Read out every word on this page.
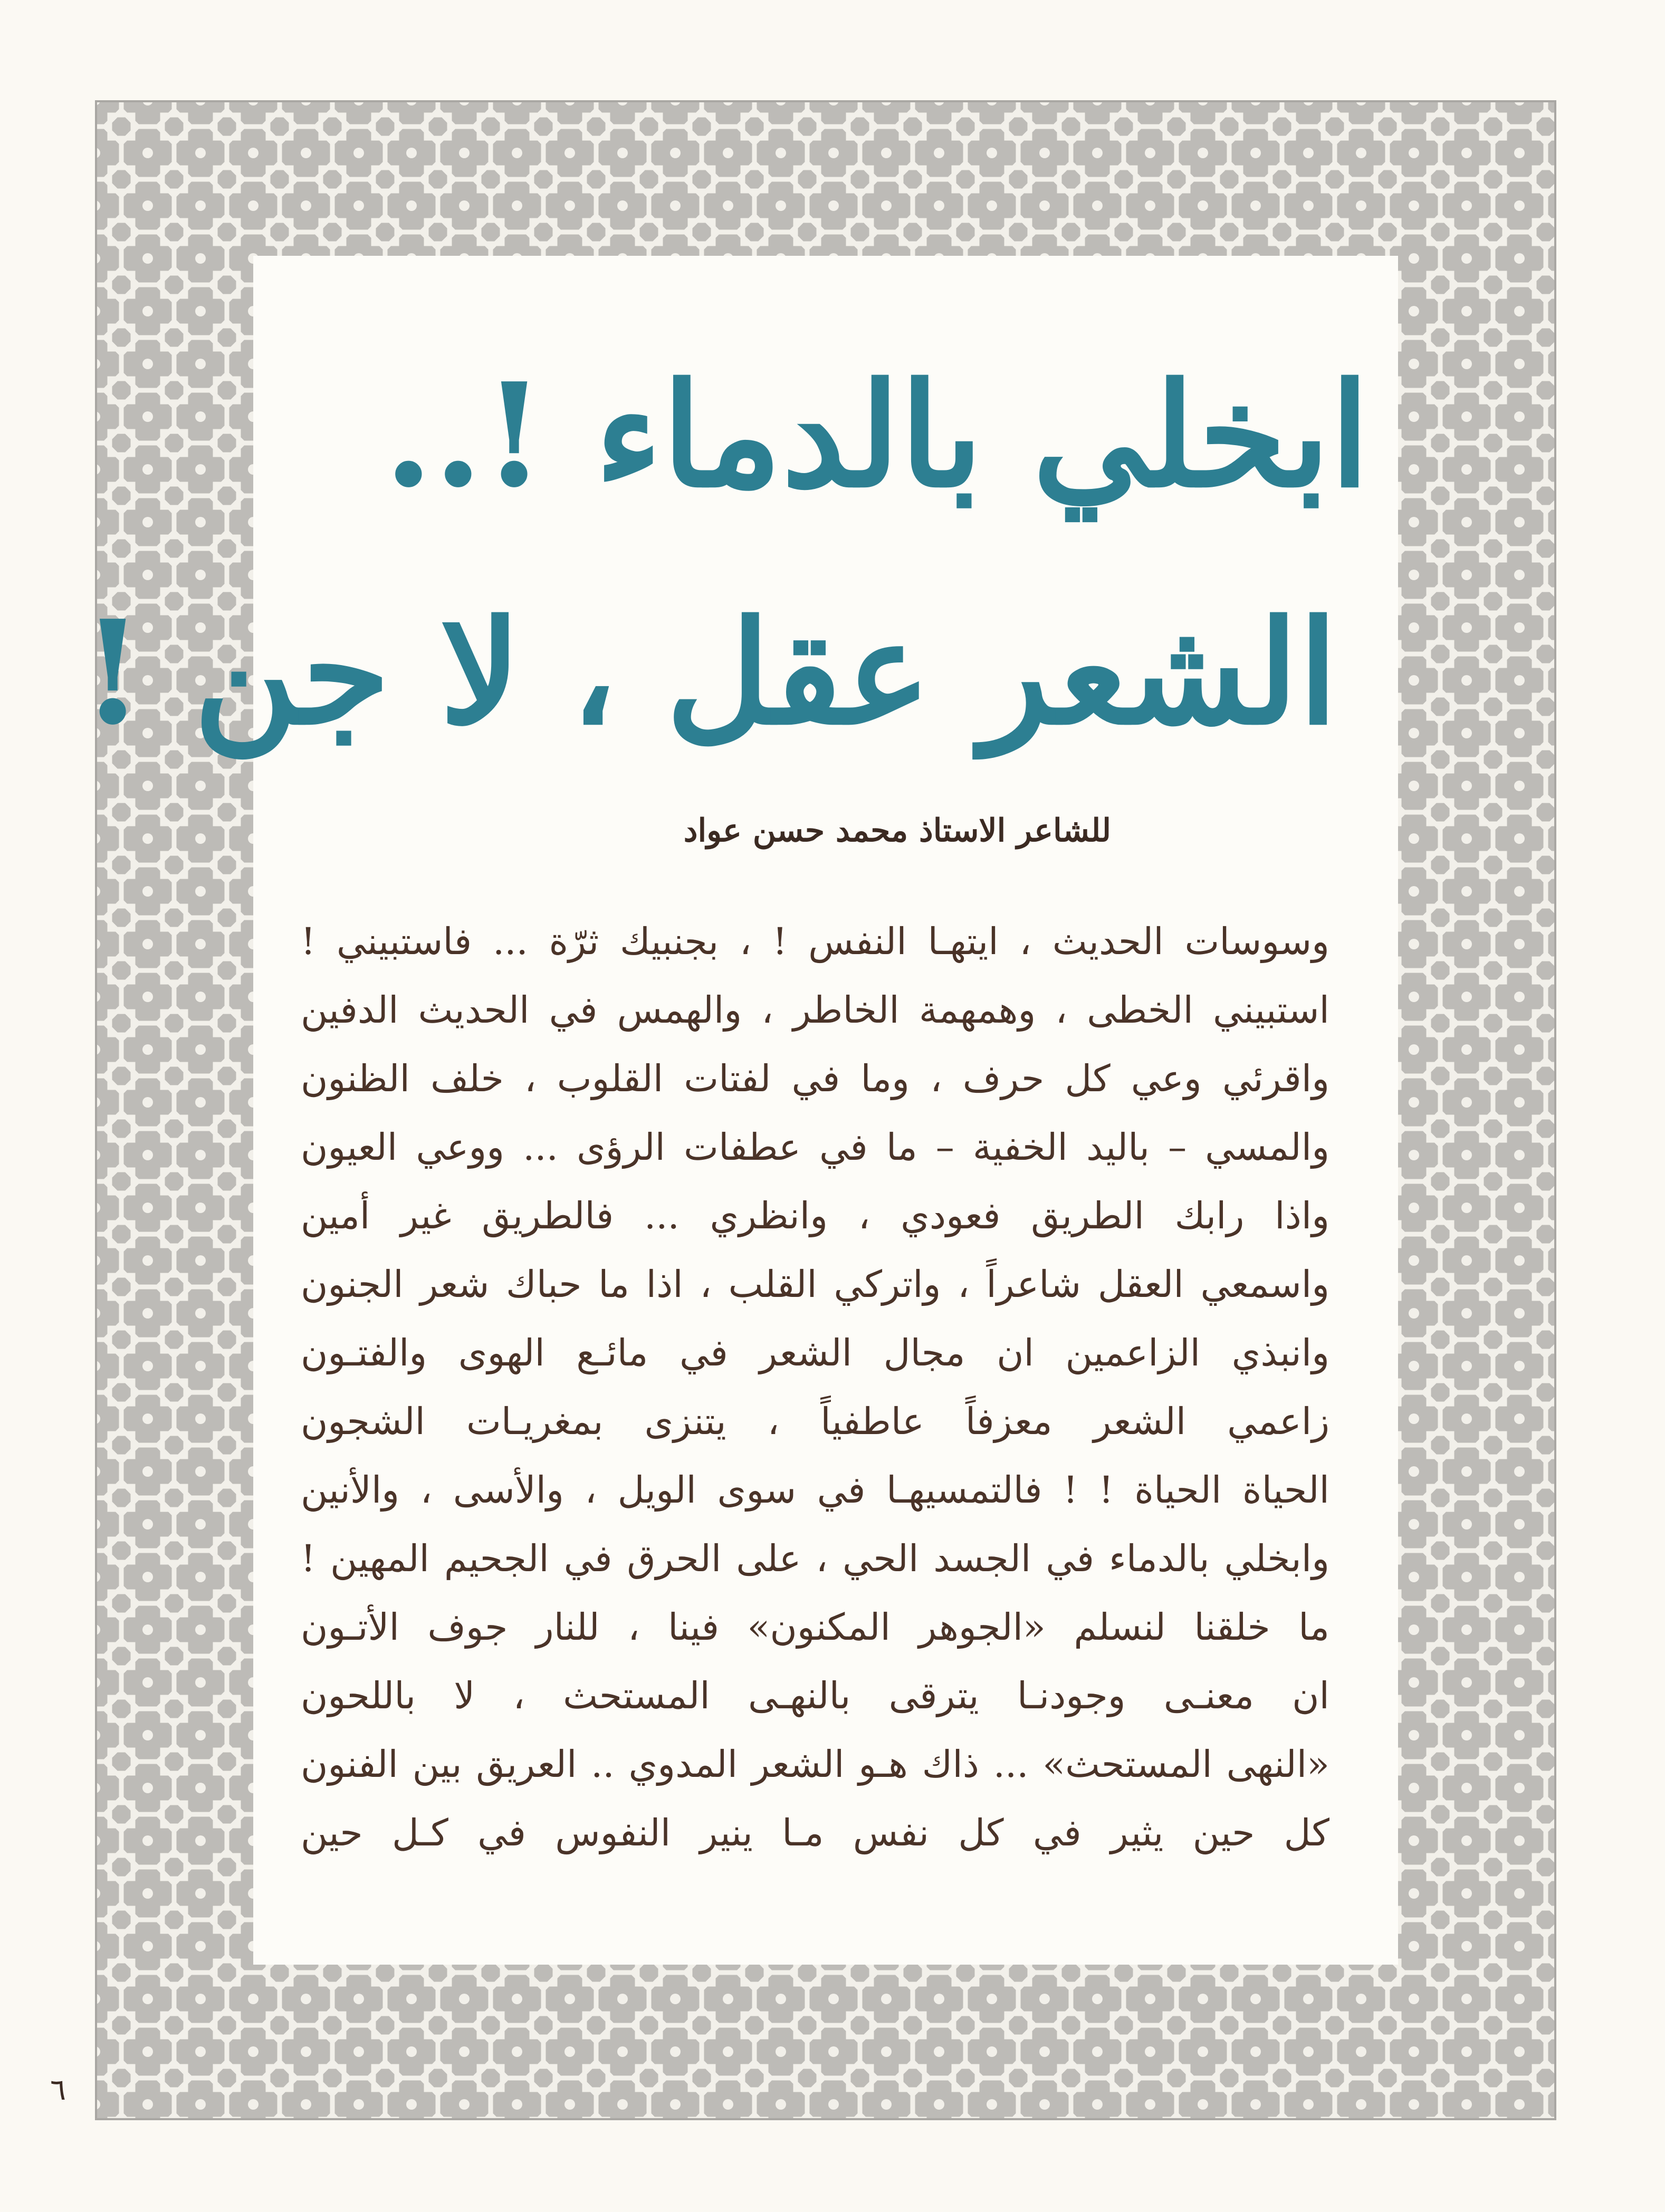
ابخلي بالدماء !..
الشعر عقل ، لا جن !
للشاعر الاستاذ محمد حسن عواد
وسوسات الحديث ، ايتهـا النفس ! ، بجنبيك ثرّة ... فاستبيني !
استبيني الخطى ، وهمهمة الخاطر ، والهمس في الحديث الدفين
واقرئي وعي كل حرف ، وما في لفتات القلوب ، خلف الظنون
والمسي – باليد الخفية – ما في عطفات الرؤى ... ووعي العيون
واذا رابك الطريق فعودي ، وانظري ... فالطريق غير أمين
واسمعي العقل شاعراً ، واتركي القلب ، اذا ما حباك شعر الجنون
وانبذي الزاعمين ان مجال الشعر في مائـع الهوى والفتـون
زاعمي الشعر معزفاً عاطفياً ، يتنزى بمغريـات الشجون
الحياة الحياة ! ! فالتمسيهـا في سوى الويل ، والأسى ، والأنين
وابخلي بالدماء في الجسد الحي ، على الحرق في الجحيم المهين !
ما خلقنا لنسلم «الجوهر المكنون» فينا ، للنار جوف الأتـون
ان معنـى وجودنـا يترقى بالنهـى المستحث ، لا باللحون
«النهى المستحث» ... ذاك هـو الشعر المدوي .. العريق بين الفنون
كل حين يثير في كل نفس مـا ينير النفوس في كـل حين
٦
